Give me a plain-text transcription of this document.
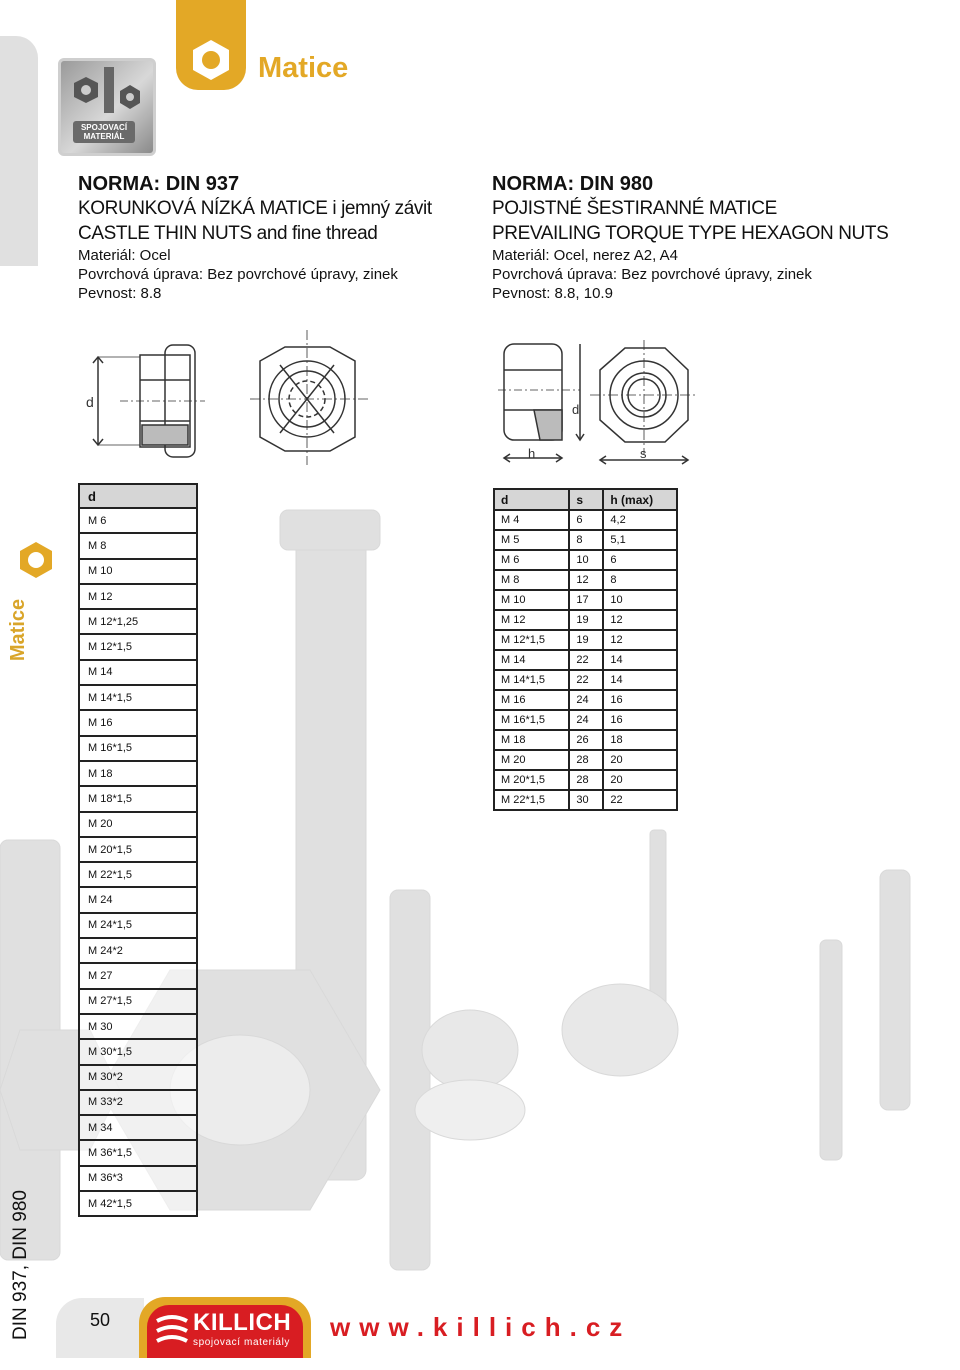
Matice
DIN 937, DIN 980
Matice
SPOJOVACÍ MATERIÁL
NORMA: DIN 937
KORUNKOVÁ NÍZKÁ MATICE i jemný závit
CASTLE THIN NUTS and fine thread
Materiál: Ocel
Povrchová úprava: Bez povrchové úpravy, zinek
Pevnost: 8.8
NORMA: DIN 980
POJISTNÉ ŠESTIRANNÉ MATICE
PREVAILING TORQUE TYPE HEXAGON NUTS
Materiál: Ocel, nerez A2, A4
Povrchová úprava: Bez povrchové úpravy, zinek
Pevnost: 8.8, 10.9
d	d
h	s
d
M 6
M 8
M 10
M 12
M 12*1,25
M 12*1,5
M 14
M 14*1,5
M 16
M 16*1,5
M 18
M 18*1,5
M 20
M 20*1,5
M 22*1,5
M 24
M 24*1,5
M 24*2
M 27
M 27*1,5
M 30
M 30*1,5
M 30*2
M 33*2
M 34
M 36*1,5
M 36*3
M 42*1,5
d	s	h (max)
M 4	6	4,2
M 5	8	5,1
M 6	10	6
M 8	12	8
M 10	17	10
M 12	19	12
M 12*1,5	19	12
M 14	22	14
M 14*1,5	22	14
M 16	24	16
M 16*1,5	24	16
M 18	26	18
M 20	28	20
M 20*1,5	28	20
M 22*1,5	30	22
50	KILLICH
spojovací materiály
www.killich.cz
